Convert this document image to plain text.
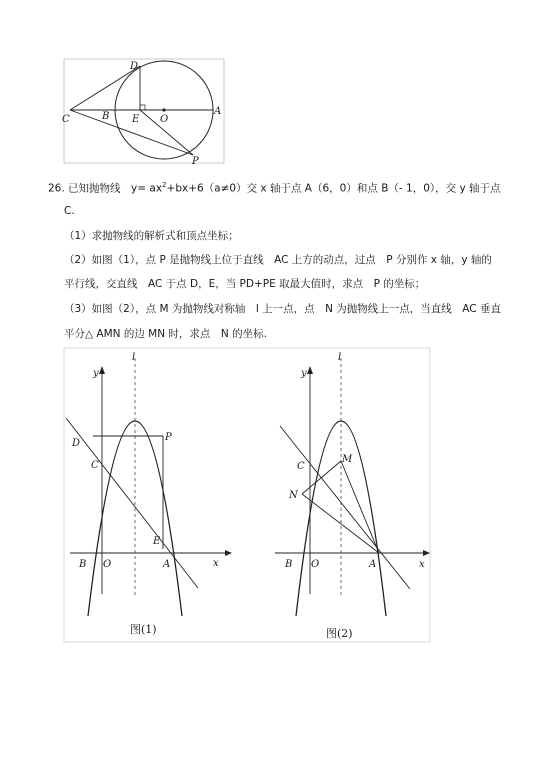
D
C	B E O
A
P
26. 已知抛物线　$y= ax^2+bx+6(a\ne 0)$交 x 轴于点 A（6，0）和点 B（- 1，0），交 y 轴于点
C.
（1）求抛物线的解析式和顶点坐标；
（2）如图（1），点 P 是抛物线上位于直线　AC 上方的动点，过点　P 分别作 x 轴，y 轴的
平行线，交直线　AC 于点 D，E，当 PD+PE 取最大值时，求点　P 的坐标；
（3）如图（2），点 M 为抛物线对称轴　l 上一点，点　N 为抛物线上一点，当直线　AC 垂直
平分△ AMN 的边 MN 时，求点　N 的坐标.
l
y
x
D
P
C
E
B O	A
图(1)
l
y
x
C
M
N
B O	A
图(2)
